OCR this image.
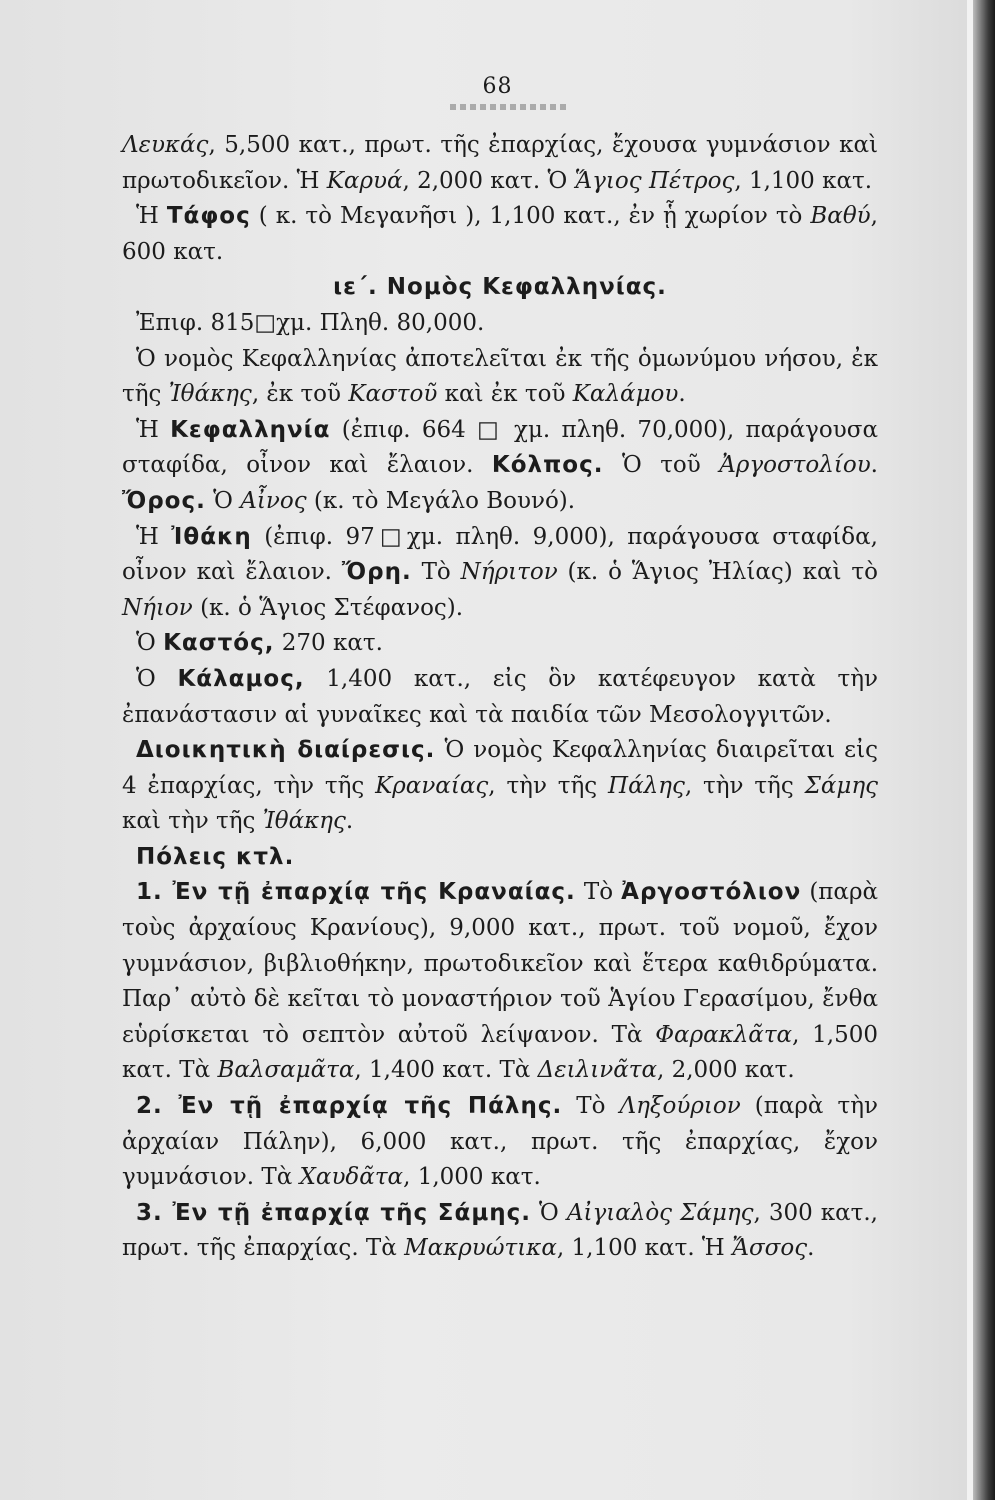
68

Λευκάς, 5,500 κατ., πρωτ. τῆς ἐπαρχίας, ἔχουσα γυμνάσιον καὶ πρωτοδικεῖον. Ἡ Καρυά, 2,000 κατ. Ὁ Ἅγιος Πέτρος, 1,100 κατ.

Ἡ Τάφος ( κ. τὸ Μεγανῆσι ), 1,100 κατ., ἐν ᾗ χωρίον τὸ Βαθύ, 600 κατ.

ιε΄. Νομὸς Κεφαλληνίας.

Ἐπιφ. 815□χμ. Πληθ. 80,000.

Ὁ νομὸς Κεφαλληνίας ἀποτελεῖται ἐκ τῆς ὁμωνύμου νήσου, ἐκ τῆς Ἰθάκης, ἐκ τοῦ Καστοῦ καὶ ἐκ τοῦ Καλάμου.

Ἡ Κεφαλληνία (ἐπιφ. 664 □ χμ. πληθ. 70,000), παράγουσα σταφίδα, οἶνον καὶ ἔλαιον. Κόλπος. Ὁ τοῦ Ἀργοστολίου. Ὄρος. Ὁ Αἶνος (κ. τὸ Μεγάλο Βουνό).

Ἡ Ἰθάκη (ἐπιφ. 97□χμ. πληθ. 9,000), παράγουσα σταφίδα, οἶνον καὶ ἔλαιον. Ὄρη. Τὸ Νήριτον (κ. ὁ Ἅγιος Ἠλίας) καὶ τὸ Νήιον (κ. ὁ Ἅγιος Στέφανος).

Ὁ Καστός, 270 κατ.

Ὁ Κάλαμος, 1,400 κατ., εἰς ὃν κατέφευγον κατὰ τὴν ἐπανάστασιν αἱ γυναῖκες καὶ τὰ παιδία τῶν Μεσολογγιτῶν.

Διοικητικὴ διαίρεσις. Ὁ νομὸς Κεφαλληνίας διαιρεῖται εἰς 4 ἐπαρχίας, τὴν τῆς Κραναίας, τὴν τῆς Πάλης, τὴν τῆς Σάμης καὶ τὴν τῆς Ἰθάκης.

Πόλεις κτλ.

1. Ἐν τῇ ἐπαρχίᾳ τῆς Κραναίας. Τὸ Ἀργοστόλιον (παρὰ τοὺς ἀρχαίους Κρανίους), 9,000 κατ., πρωτ. τοῦ νομοῦ, ἔχον γυμνάσιον, βιβλιοθήκην, πρωτοδικεῖον καὶ ἕτερα καθιδρύματα. Παρ᾽ αὐτὸ δὲ κεῖται τὸ μοναστήριον τοῦ Ἁγίου Γερασίμου, ἔνθα εὑρίσκεται τὸ σεπτὸν αὐτοῦ λείψανον. Τὰ Φαρακλᾶτα, 1,500 κατ. Τὰ Βαλσαμᾶτα, 1,400 κατ. Τὰ Δειλινᾶτα, 2,000 κατ.

2. Ἐν τῇ ἐπαρχίᾳ τῆς Πάλης. Τὸ Ληξούριον (παρὰ τὴν ἀρχαίαν Πάλην), 6,000 κατ., πρωτ. τῆς ἐπαρχίας, ἔχον γυμνάσιον. Τὰ Χαυδᾶτα, 1,000 κατ.

3. Ἐν τῇ ἐπαρχίᾳ τῆς Σάμης. Ὁ Αἰγιαλὸς Σάμης, 300 κατ., πρωτ. τῆς ἐπαρχίας. Τὰ Μακρυώτικα, 1,100 κατ. Ἡ Ἄσσος.
